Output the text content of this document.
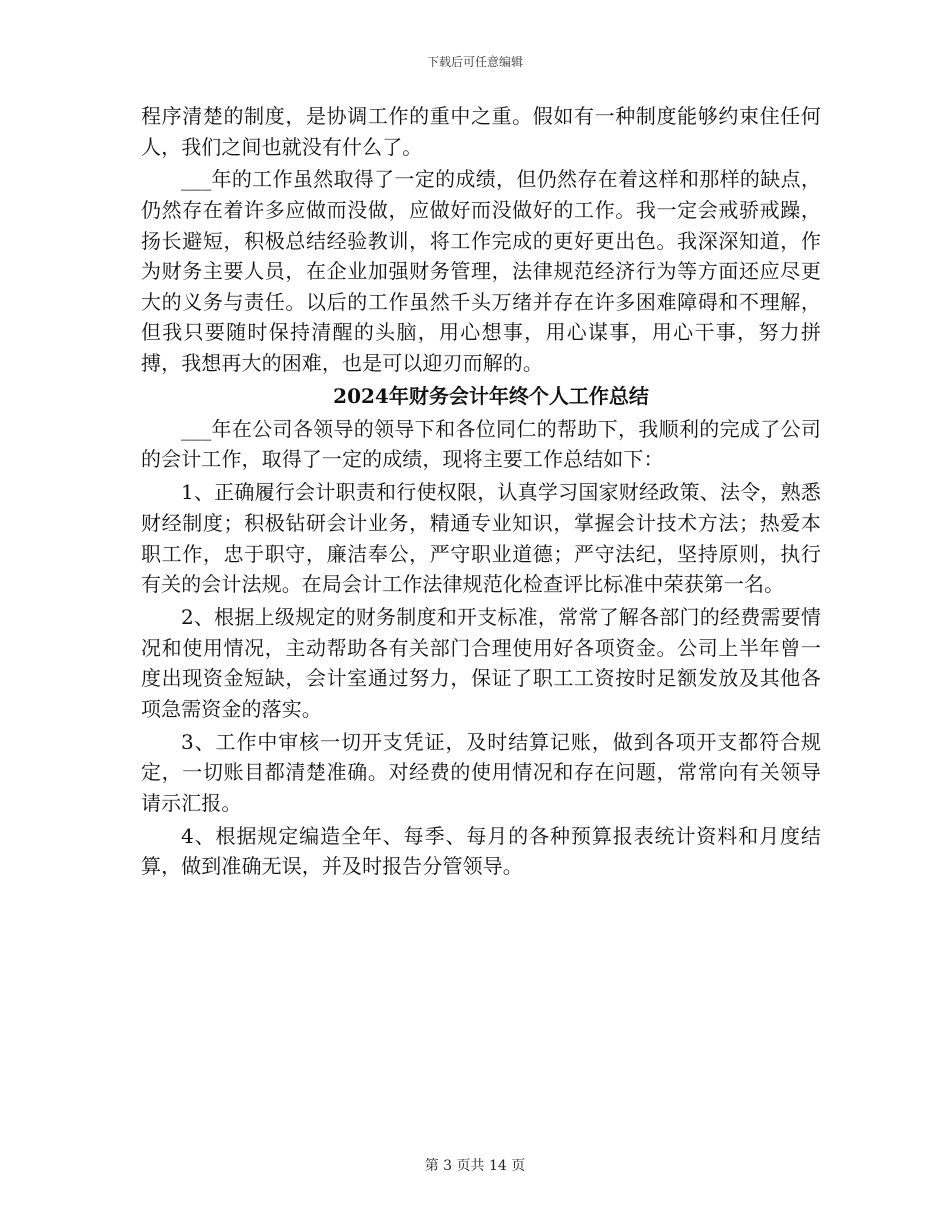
下载后可任意编辑

程序清楚的制度，是协调工作的重中之重。假如有一种制度能够约束住任何人，我们之间也就没有什么了。

___年的工作虽然取得了一定的成绩，但仍然存在着这样和那样的缺点，仍然存在着许多应做而没做，应做好而没做好的工作。我一定会戒骄戒躁，扬长避短，积极总结经验教训，将工作完成的更好更出色。我深深知道，作为财务主要人员，在企业加强财务管理，法律规范经济行为等方面还应尽更大的义务与责任。以后的工作虽然千头万绪并存在许多困难障碍和不理解，但我只要随时保持清醒的头脑，用心想事，用心谋事，用心干事，努力拼搏，我想再大的困难，也是可以迎刃而解的。

2024年财务会计年终个人工作总结

___年在公司各领导的领导下和各位同仁的帮助下，我顺利的完成了公司的会计工作，取得了一定的成绩，现将主要工作总结如下：

1、正确履行会计职责和行使权限，认真学习国家财经政策、法令，熟悉财经制度；积极钻研会计业务，精通专业知识，掌握会计技术方法；热爱本职工作，忠于职守，廉洁奉公，严守职业道德；严守法纪，坚持原则，执行有关的会计法规。在局会计工作法律规范化检查评比标准中荣获第一名。

2、根据上级规定的财务制度和开支标准，常常了解各部门的经费需要情况和使用情况，主动帮助各有关部门合理使用好各项资金。公司上半年曾一度出现资金短缺，会计室通过努力，保证了职工工资按时足额发放及其他各项急需资金的落实。

3、工作中审核一切开支凭证，及时结算记账，做到各项开支都符合规定，一切账目都清楚准确。对经费的使用情况和存在问题，常常向有关领导请示汇报。

4、根据规定编造全年、每季、每月的各种预算报表统计资料和月度结算，做到准确无误，并及时报告分管领导。

第 3 页共 14 页
